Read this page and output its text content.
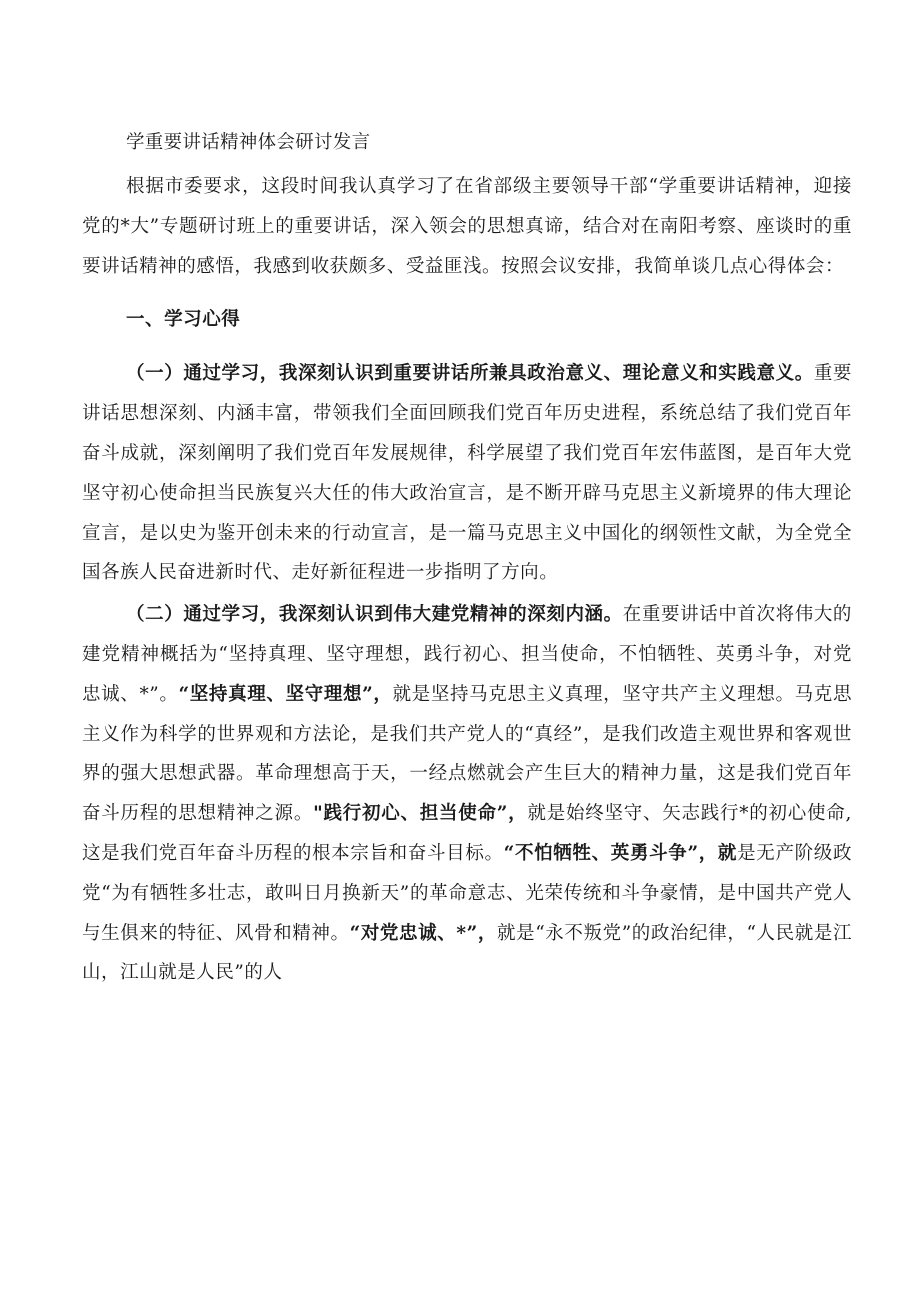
学重要讲话精神体会研讨发言

根据市委要求，这段时间我认真学习了在省部级主要领导干部“学重要讲话精神，迎接党的*大”专题研讨班上的重要讲话，深入领会的思想真谛，结合对在南阳考察、座谈时的重要讲话精神的感悟，我感到收获颇多、受益匪浅。按照会议安排，我简单谈几点心得体会：

一、学习心得

（一）通过学习，我深刻认识到重要讲话所兼具政治意义、理论意义和实践意义。重要讲话思想深刻、内涵丰富，带领我们全面回顾我们党百年历史进程，系统总结了我们党百年奋斗成就，深刻阐明了我们党百年发展规律，科学展望了我们党百年宏伟蓝图，是百年大党坚守初心使命担当民族复兴大任的伟大政治宣言，是不断开辟马克思主义新境界的伟大理论宣言，是以史为鉴开创未来的行动宣言，是一篇马克思主义中国化的纲领性文献，为全党全国各族人民奋进新时代、走好新征程进一步指明了方向。

（二）通过学习，我深刻认识到伟大建党精神的深刻内涵。在重要讲话中首次将伟大的建党精神概括为“坚持真理、坚守理想，践行初心、担当使命，不怕牺牲、英勇斗争，对党忠诚、*”。“坚持真理、坚守理想”，就是坚持马克思主义真理，坚守共产主义理想。马克思主义作为科学的世界观和方法论，是我们共产党人的“真经”，是我们改造主观世界和客观世界的强大思想武器。革命理想高于天，一经点燃就会产生巨大的精神力量，这是我们党百年奋斗历程的思想精神之源。"践行初心、担当使命”，就是始终坚守、矢志践行*的初心使命,这是我们党百年奋斗历程的根本宗旨和奋斗目标。“不怕牺牲、英勇斗争”，就是无产阶级政党“为有牺牲多壮志，敢叫日月换新天”的革命意志、光荣传统和斗争豪情，是中国共产党人与生俱来的特征、风骨和精神。“对党忠诚、*”，就是“永不叛党”的政治纪律，“人民就是江山，江山就是人民”的人
